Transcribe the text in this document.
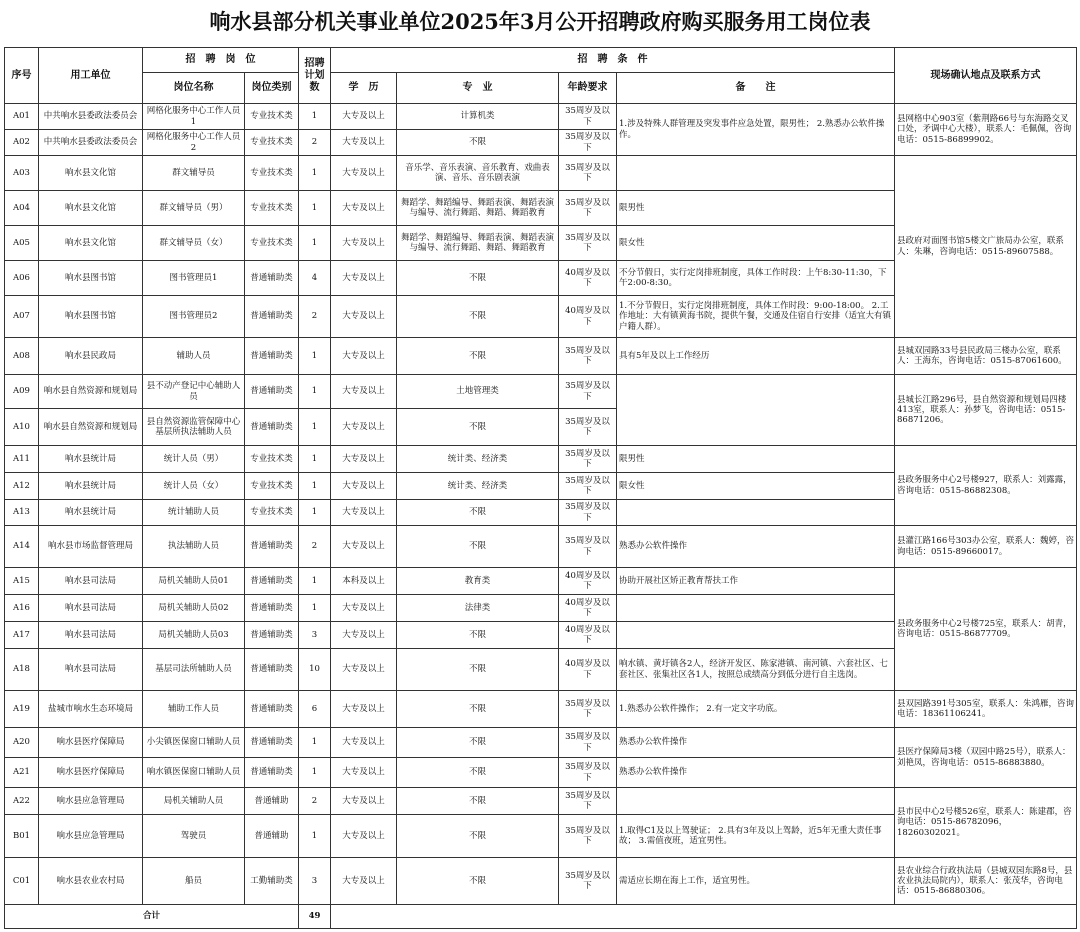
响水县部分机关事业单位2025年3月公开招聘政府购买服务用工岗位表
序号	用工单位	招　聘　岗　位		招聘计划数	招　聘　条　件				现场确认地点及联系方式
		岗位名称	岗位类别		学　历	专　业	年龄要求	备　　注	
A01	中共响水县委政法委员会	网格化服务中心工作人员1	专业技术类	1	大专及以上	计算机类	35周岁及以下	1.涉及特殊人群管理及突发事件应急处置，限男性； 2.熟悉办公软件操作。	县网格中心903室（紫荆路66号与东海路交叉口处，矛调中心大楼），联系人：毛佩佩，咨询电话：0515-86899902。
A02	中共响水县委政法委员会	网格化服务中心工作人员2	专业技术类	2	大专及以上	不限	35周岁及以下		
A03	响水县文化馆	群文辅导员	专业技术类	1	大专及以上	音乐学、音乐表演、音乐教育、戏曲表演、音乐、音乐剧表演	35周岁及以下		县政府对面图书馆5楼文广旅局办公室，联系人：朱琳，咨询电话：0515-89607588。
A04	响水县文化馆	群文辅导员（男）	专业技术类	1	大专及以上	舞蹈学、舞蹈编导、舞蹈表演、舞蹈表演与编导、流行舞蹈、舞蹈、舞蹈教育	35周岁及以下	限男性	
A05	响水县文化馆	群文辅导员（女）	专业技术类	1	大专及以上	舞蹈学、舞蹈编导、舞蹈表演、舞蹈表演与编导、流行舞蹈、舞蹈、舞蹈教育	35周岁及以下	限女性	
A06	响水县图书馆	图书管理员1	普通辅助类	4	大专及以上	不限	40周岁及以下	不分节假日，实行定岗排班制度，具体工作时段：上午8:30-11:30，下午2:00-8:30。	
A07	响水县图书馆	图书管理员2	普通辅助类	2	大专及以上	不限	40周岁及以下	1.不分节假日，实行定岗排班制度，具体工作时段：9:00-18:00。 2.工作地址：大有镇黄海书院，提供午餐，交通及住宿自行安排（适宜大有镇户籍人群）。	
A08	响水县民政局	辅助人员	普通辅助类	1	大专及以上	不限	35周岁及以下	具有5年及以上工作经历	县城双园路33号县民政局三楼办公室，联系人：王海东，咨询电话：0515-87061600。
A09	响水县自然资源和规划局	县不动产登记中心辅助人员	普通辅助类	1	大专及以上	土地管理类	35周岁及以下		县城长江路296号，县自然资源和规划局四楼413室，联系人：孙梦飞，咨询电话：0515-86871206。
A10	响水县自然资源和规划局	县自然资源监管保障中心基层所执法辅助人员	普通辅助类	1	大专及以上	不限	35周岁及以下		
A11	响水县统计局	统计人员（男）	专业技术类	1	大专及以上	统计类、经济类	35周岁及以下	限男性	县政务服务中心2号楼927，联系人：刘露露，咨询电话：0515-86882308。
A12	响水县统计局	统计人员（女）	专业技术类	1	大专及以上	统计类、经济类	35周岁及以下	限女性	
A13	响水县统计局	统计辅助人员	专业技术类	1	大专及以上	不限	35周岁及以下		
A14	响水县市场监督管理局	执法辅助人员	普通辅助类	2	大专及以上	不限	35周岁及以下	熟悉办公软件操作	县灌江路166号303办公室，联系人：魏婷，咨询电话：0515-89660017。
A15	响水县司法局	局机关辅助人员01	普通辅助类	1	本科及以上	教育类	40周岁及以下	协助开展社区矫正教育帮扶工作	县政务服务中心2号楼725室，联系人：胡青，咨询电话：0515-86877709。
A16	响水县司法局	局机关辅助人员02	普通辅助类	1	大专及以上	法律类	40周岁及以下		
A17	响水县司法局	局机关辅助人员03	普通辅助类	3	大专及以上	不限	40周岁及以下		
A18	响水县司法局	基层司法所辅助人员	普通辅助类	10	大专及以上	不限	40周岁及以下	响水镇、黄圩镇各2人，经济开发区、陈家港镇、南河镇、六套社区、七套社区、张集社区各1人，按照总成绩高分到低分进行自主选岗。	
A19	盐城市响水生态环境局	辅助工作人员	普通辅助类	6	大专及以上	不限	35周岁及以下	1.熟悉办公软件操作； 2.有一定文字功底。	县双园路391号305室，联系人：朱鸿雁，咨询电话：18361106241。
A20	响水县医疗保障局	小尖镇医保窗口辅助人员	普通辅助类	1	大专及以上	不限	35周岁及以下	熟悉办公软件操作	县医疗保障局3楼（双园中路25号），联系人：刘艳凤，咨询电话：0515-86883880。
A21	响水县医疗保障局	响水镇医保窗口辅助人员	普通辅助类	1	大专及以上	不限	35周岁及以下	熟悉办公软件操作	
A22	响水县应急管理局	局机关辅助人员	普通辅助	2	大专及以上	不限	35周岁及以下		县市民中心2号楼526室，联系人：陈建郡，咨询电话：0515-86782096，18260302021。
B01	响水县应急管理局	驾驶员	普通辅助	1	大专及以上	不限	35周岁及以下	1.取得C1及以上驾驶证； 2.具有3年及以上驾龄，近5年无重大责任事故； 3.需值夜班，适宜男性。	
C01	响水县农业农村局	船员	工勤辅助类	3	大专及以上	不限	35周岁及以下	需适应长期在海上工作，适宜男性。	县农业综合行政执法局（县城双园东路8号，县农业执法局院内），联系人：张茂华，咨询电话：0515-86880306。
合计				49					
